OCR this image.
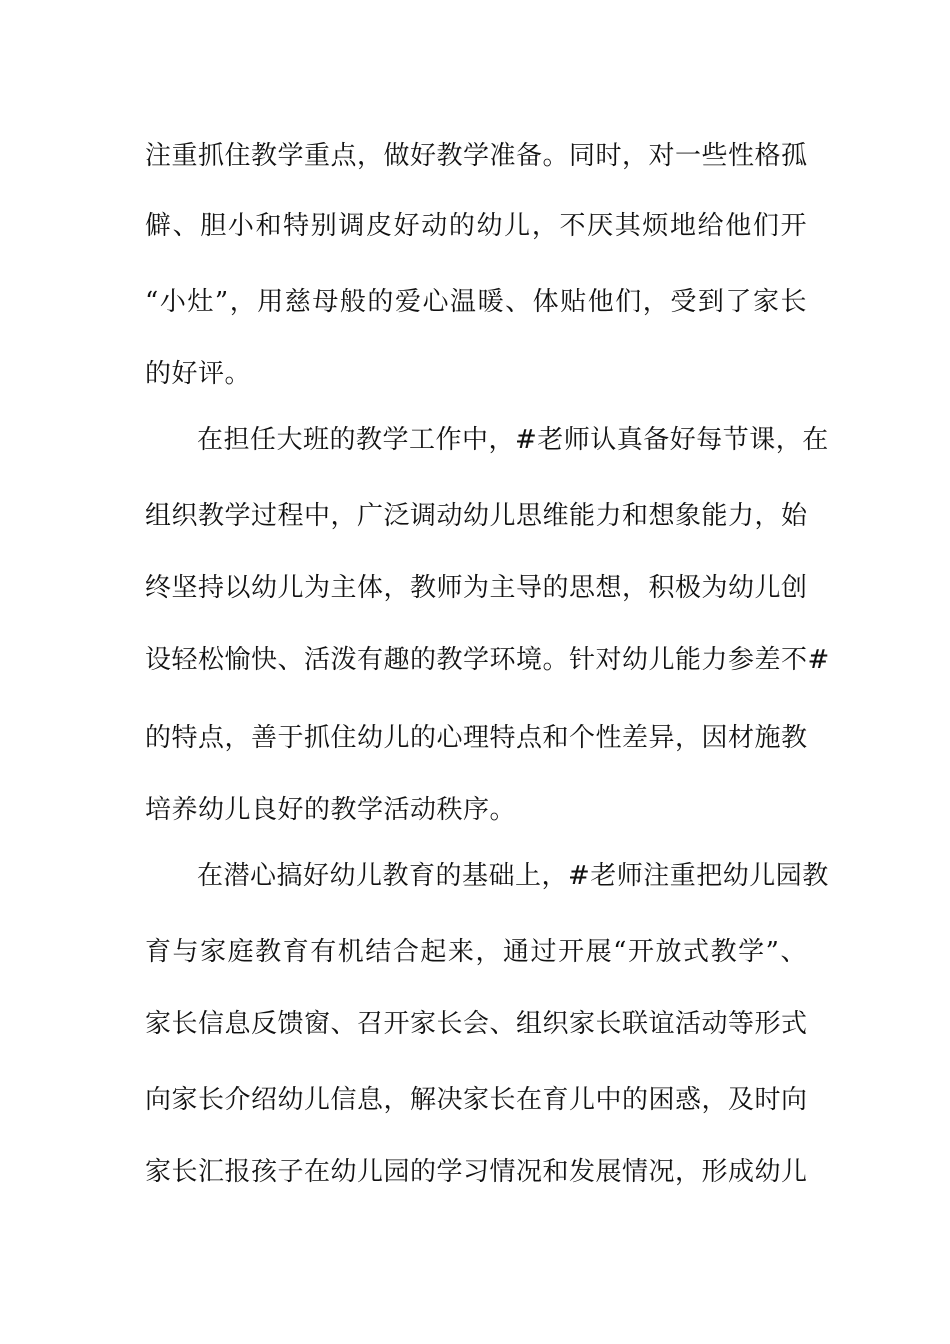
注重抓住教学重点，做好教学准备。同时，对一些性格孤
僻、胆小和特别调皮好动的幼儿，不厌其烦地给他们开
“小灶”，用慈母般的爱心温暖、体贴他们，受到了家长
的好评。
在担任大班的教学工作中，#老师认真备好每节课，在
组织教学过程中，广泛调动幼儿思维能力和想象能力，始
终坚持以幼儿为主体，教师为主导的思想，积极为幼儿创
设轻松愉快、活泼有趣的教学环境。针对幼儿能力参差不#
的特点，善于抓住幼儿的心理特点和个性差异，因材施教
培养幼儿良好的教学活动秩序。
在潜心搞好幼儿教育的基础上，#老师注重把幼儿园教
育与家庭教育有机结合起来，通过开展“开放式教学”、
家长信息反馈窗、召开家长会、组织家长联谊活动等形式
向家长介绍幼儿信息，解决家长在育儿中的困惑，及时向
家长汇报孩子在幼儿园的学习情况和发展情况，形成幼儿
